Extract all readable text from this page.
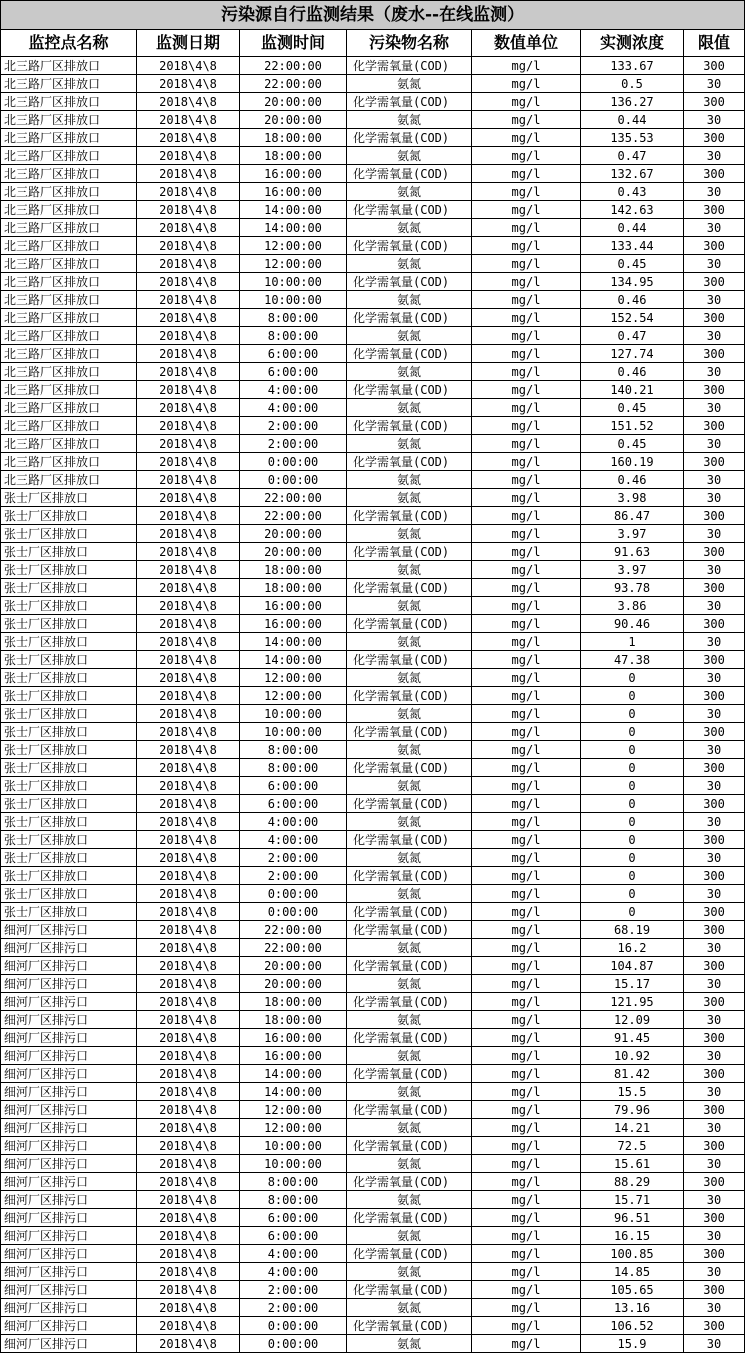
污染源自行监测结果（废水--在线监测）						
监控点名称	监测日期	监测时间	污染物名称	数值单位	实测浓度	限值
北三路厂区排放口	2018\4\8	22:00:00	化学需氧量(COD)	mg/l	133.67	300
北三路厂区排放口	2018\4\8	22:00:00	氨氮	mg/l	0.5	30
北三路厂区排放口	2018\4\8	20:00:00	化学需氧量(COD)	mg/l	136.27	300
北三路厂区排放口	2018\4\8	20:00:00	氨氮	mg/l	0.44	30
北三路厂区排放口	2018\4\8	18:00:00	化学需氧量(COD)	mg/l	135.53	300
北三路厂区排放口	2018\4\8	18:00:00	氨氮	mg/l	0.47	30
北三路厂区排放口	2018\4\8	16:00:00	化学需氧量(COD)	mg/l	132.67	300
北三路厂区排放口	2018\4\8	16:00:00	氨氮	mg/l	0.43	30
北三路厂区排放口	2018\4\8	14:00:00	化学需氧量(COD)	mg/l	142.63	300
北三路厂区排放口	2018\4\8	14:00:00	氨氮	mg/l	0.44	30
北三路厂区排放口	2018\4\8	12:00:00	化学需氧量(COD)	mg/l	133.44	300
北三路厂区排放口	2018\4\8	12:00:00	氨氮	mg/l	0.45	30
北三路厂区排放口	2018\4\8	10:00:00	化学需氧量(COD)	mg/l	134.95	300
北三路厂区排放口	2018\4\8	10:00:00	氨氮	mg/l	0.46	30
北三路厂区排放口	2018\4\8	8:00:00	化学需氧量(COD)	mg/l	152.54	300
北三路厂区排放口	2018\4\8	8:00:00	氨氮	mg/l	0.47	30
北三路厂区排放口	2018\4\8	6:00:00	化学需氧量(COD)	mg/l	127.74	300
北三路厂区排放口	2018\4\8	6:00:00	氨氮	mg/l	0.46	30
北三路厂区排放口	2018\4\8	4:00:00	化学需氧量(COD)	mg/l	140.21	300
北三路厂区排放口	2018\4\8	4:00:00	氨氮	mg/l	0.45	30
北三路厂区排放口	2018\4\8	2:00:00	化学需氧量(COD)	mg/l	151.52	300
北三路厂区排放口	2018\4\8	2:00:00	氨氮	mg/l	0.45	30
北三路厂区排放口	2018\4\8	0:00:00	化学需氧量(COD)	mg/l	160.19	300
北三路厂区排放口	2018\4\8	0:00:00	氨氮	mg/l	0.46	30
张士厂区排放口	2018\4\8	22:00:00	氨氮	mg/l	3.98	30
张士厂区排放口	2018\4\8	22:00:00	化学需氧量(COD)	mg/l	86.47	300
张士厂区排放口	2018\4\8	20:00:00	氨氮	mg/l	3.97	30
张士厂区排放口	2018\4\8	20:00:00	化学需氧量(COD)	mg/l	91.63	300
张士厂区排放口	2018\4\8	18:00:00	氨氮	mg/l	3.97	30
张士厂区排放口	2018\4\8	18:00:00	化学需氧量(COD)	mg/l	93.78	300
张士厂区排放口	2018\4\8	16:00:00	氨氮	mg/l	3.86	30
张士厂区排放口	2018\4\8	16:00:00	化学需氧量(COD)	mg/l	90.46	300
张士厂区排放口	2018\4\8	14:00:00	氨氮	mg/l	1	30
张士厂区排放口	2018\4\8	14:00:00	化学需氧量(COD)	mg/l	47.38	300
张士厂区排放口	2018\4\8	12:00:00	氨氮	mg/l	0	30
张士厂区排放口	2018\4\8	12:00:00	化学需氧量(COD)	mg/l	0	300
张士厂区排放口	2018\4\8	10:00:00	氨氮	mg/l	0	30
张士厂区排放口	2018\4\8	10:00:00	化学需氧量(COD)	mg/l	0	300
张士厂区排放口	2018\4\8	8:00:00	氨氮	mg/l	0	30
张士厂区排放口	2018\4\8	8:00:00	化学需氧量(COD)	mg/l	0	300
张士厂区排放口	2018\4\8	6:00:00	氨氮	mg/l	0	30
张士厂区排放口	2018\4\8	6:00:00	化学需氧量(COD)	mg/l	0	300
张士厂区排放口	2018\4\8	4:00:00	氨氮	mg/l	0	30
张士厂区排放口	2018\4\8	4:00:00	化学需氧量(COD)	mg/l	0	300
张士厂区排放口	2018\4\8	2:00:00	氨氮	mg/l	0	30
张士厂区排放口	2018\4\8	2:00:00	化学需氧量(COD)	mg/l	0	300
张士厂区排放口	2018\4\8	0:00:00	氨氮	mg/l	0	30
张士厂区排放口	2018\4\8	0:00:00	化学需氧量(COD)	mg/l	0	300
细河厂区排污口	2018\4\8	22:00:00	化学需氧量(COD)	mg/l	68.19	300
细河厂区排污口	2018\4\8	22:00:00	氨氮	mg/l	16.2	30
细河厂区排污口	2018\4\8	20:00:00	化学需氧量(COD)	mg/l	104.87	300
细河厂区排污口	2018\4\8	20:00:00	氨氮	mg/l	15.17	30
细河厂区排污口	2018\4\8	18:00:00	化学需氧量(COD)	mg/l	121.95	300
细河厂区排污口	2018\4\8	18:00:00	氨氮	mg/l	12.09	30
细河厂区排污口	2018\4\8	16:00:00	化学需氧量(COD)	mg/l	91.45	300
细河厂区排污口	2018\4\8	16:00:00	氨氮	mg/l	10.92	30
细河厂区排污口	2018\4\8	14:00:00	化学需氧量(COD)	mg/l	81.42	300
细河厂区排污口	2018\4\8	14:00:00	氨氮	mg/l	15.5	30
细河厂区排污口	2018\4\8	12:00:00	化学需氧量(COD)	mg/l	79.96	300
细河厂区排污口	2018\4\8	12:00:00	氨氮	mg/l	14.21	30
细河厂区排污口	2018\4\8	10:00:00	化学需氧量(COD)	mg/l	72.5	300
细河厂区排污口	2018\4\8	10:00:00	氨氮	mg/l	15.61	30
细河厂区排污口	2018\4\8	8:00:00	化学需氧量(COD)	mg/l	88.29	300
细河厂区排污口	2018\4\8	8:00:00	氨氮	mg/l	15.71	30
细河厂区排污口	2018\4\8	6:00:00	化学需氧量(COD)	mg/l	96.51	300
细河厂区排污口	2018\4\8	6:00:00	氨氮	mg/l	16.15	30
细河厂区排污口	2018\4\8	4:00:00	化学需氧量(COD)	mg/l	100.85	300
细河厂区排污口	2018\4\8	4:00:00	氨氮	mg/l	14.85	30
细河厂区排污口	2018\4\8	2:00:00	化学需氧量(COD)	mg/l	105.65	300
细河厂区排污口	2018\4\8	2:00:00	氨氮	mg/l	13.16	30
细河厂区排污口	2018\4\8	0:00:00	化学需氧量(COD)	mg/l	106.52	300
细河厂区排污口	2018\4\8	0:00:00	氨氮	mg/l	15.9	30
